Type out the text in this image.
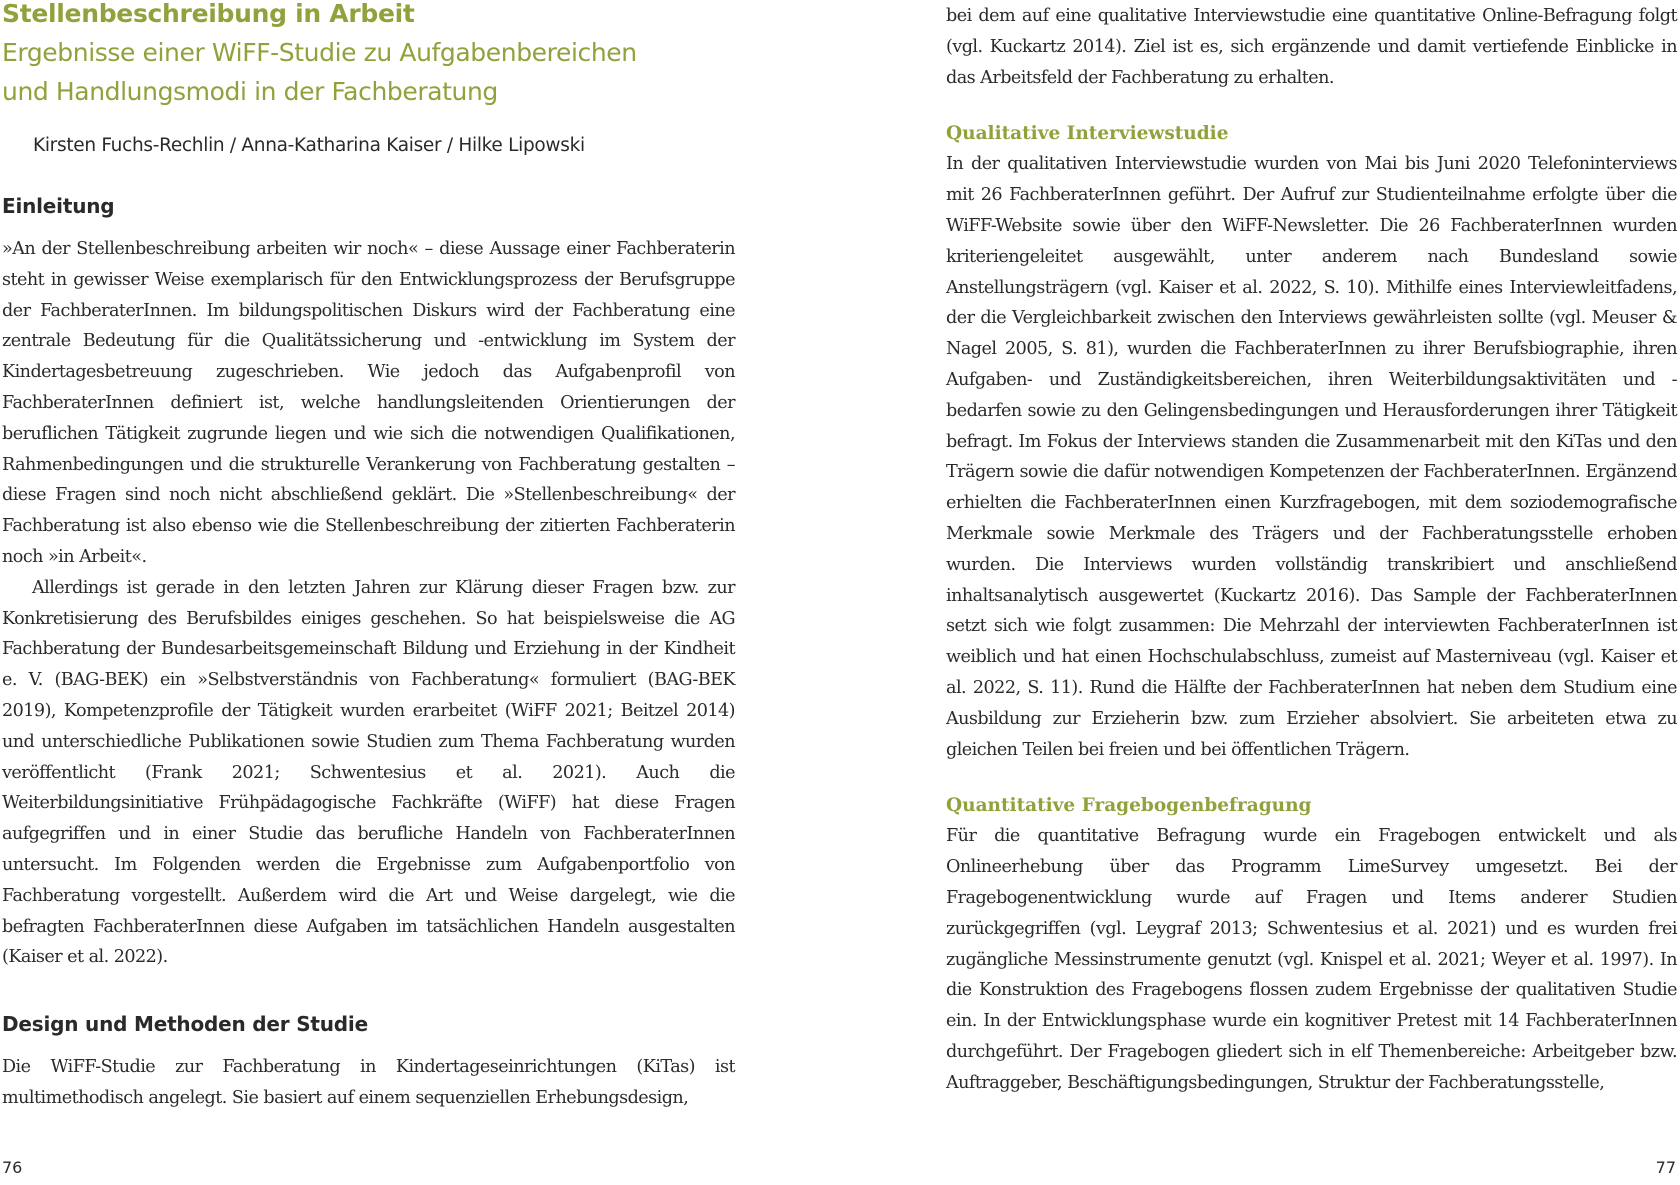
Stellenbeschreibung in Arbeit
Ergebnisse einer WiFF-Studie zu Aufgabenbereichen
und Handlungsmodi in der Fachberatung
Kirsten Fuchs-Rechlin / Anna-Katharina Kaiser / Hilke Lipowski
Einleitung

»An der Stellenbeschreibung arbeiten wir noch« – diese Aussage einer Fachberaterin steht in gewisser Weise exemplarisch für den Entwicklungsprozess der Berufsgruppe der FachberaterInnen. Im bildungspolitischen Diskurs wird der Fachberatung eine zentrale Bedeutung für die Qualitätssicherung und -entwicklung im System der Kindertagesbetreuung zugeschrieben. Wie jedoch das Aufgabenprofil von FachberaterInnen definiert ist, welche handlungsleitenden Orientierungen der beruflichen Tätigkeit zugrunde liegen und wie sich die notwendigen Qualifikationen, Rahmenbedingungen und die strukturelle Verankerung von Fachberatung gestalten – diese Fragen sind noch nicht abschließend geklärt. Die »Stellenbeschreibung« der Fachberatung ist also ebenso wie die Stellenbeschreibung der zitierten Fachberaterin noch »in Arbeit«.

Allerdings ist gerade in den letzten Jahren zur Klärung dieser Fragen bzw. zur Konkretisierung des Berufsbildes einiges geschehen. So hat beispielsweise die AG Fachberatung der Bundesarbeitsgemeinschaft Bildung und Erziehung in der Kindheit e. V. (BAG-BEK) ein »Selbstverständnis von Fachberatung« formuliert (BAG-BEK 2019), Kompetenzprofile der Tätigkeit wurden erarbeitet (WiFF 2021; Beitzel 2014) und unterschiedliche Publikationen sowie Studien zum Thema Fachberatung wurden veröffentlicht (Frank 2021; Schwentesius et al. 2021). Auch die Weiterbildungsinitiative Frühpädagogische Fachkräfte (WiFF) hat diese Fragen aufgegriffen und in einer Studie das berufliche Handeln von FachberaterInnen untersucht. Im Folgenden werden die Ergebnisse zum Aufgabenportfolio von Fachberatung vorgestellt. Außerdem wird die Art und Weise dargelegt, wie die befragten FachberaterInnen diese Aufgaben im tatsächlichen Handeln ausgestalten (Kaiser et al. 2022).

Design und Methoden der Studie

Die WiFF-Studie zur Fachberatung in Kindertageseinrichtungen (KiTas) ist multimethodisch angelegt. Sie basiert auf einem sequenziellen Erhebungsdesign,

76

bei dem auf eine qualitative Interviewstudie eine quantitative Online-Befragung folgt (vgl. Kuckartz 2014). Ziel ist es, sich ergänzende und damit vertiefende Einblicke in das Arbeitsfeld der Fachberatung zu erhalten.

Qualitative Interviewstudie

In der qualitativen Interviewstudie wurden von Mai bis Juni 2020 Telefoninterviews mit 26 FachberaterInnen geführt. Der Aufruf zur Studienteilnahme erfolgte über die WiFF-Website sowie über den WiFF-Newsletter. Die 26 FachberaterInnen wurden kriteriengeleitet ausgewählt, unter anderem nach Bundesland sowie Anstellungsträgern (vgl. Kaiser et al. 2022, S. 10). Mithilfe eines Interviewleitfadens, der die Vergleichbarkeit zwischen den Interviews gewährleisten sollte (vgl. Meuser & Nagel 2005, S. 81), wurden die FachberaterInnen zu ihrer Berufsbiographie, ihren Aufgaben- und Zuständigkeitsbereichen, ihren Weiterbildungsaktivitäten und -bedarfen sowie zu den Gelingensbedingungen und Herausforderungen ihrer Tätigkeit befragt. Im Fokus der Interviews standen die Zusammenarbeit mit den KiTas und den Trägern sowie die dafür notwendigen Kompetenzen der FachberaterInnen. Ergänzend erhielten die FachberaterInnen einen Kurzfragebogen, mit dem soziodemografische Merkmale sowie Merkmale des Trägers und der Fachberatungsstelle erhoben wurden. Die Interviews wurden vollständig transkribiert und anschließend inhaltsanalytisch ausgewertet (Kuckartz 2016). Das Sample der FachberaterInnen setzt sich wie folgt zusammen: Die Mehrzahl der interviewten FachberaterInnen ist weiblich und hat einen Hochschulabschluss, zumeist auf Masterniveau (vgl. Kaiser et al. 2022, S. 11). Rund die Hälfte der FachberaterInnen hat neben dem Studium eine Ausbildung zur Erzieherin bzw. zum Erzieher absolviert. Sie arbeiteten etwa zu gleichen Teilen bei freien und bei öffentlichen Trägern.

Quantitative Fragebogenbefragung

Für die quantitative Befragung wurde ein Fragebogen entwickelt und als Onlineerhebung über das Programm LimeSurvey umgesetzt. Bei der Fragebogenentwicklung wurde auf Fragen und Items anderer Studien zurückgegriffen (vgl. Leygraf 2013; Schwentesius et al. 2021) und es wurden frei zugängliche Messinstrumente genutzt (vgl. Knispel et al. 2021; Weyer et al. 1997). In die Konstruktion des Fragebogens flossen zudem Ergebnisse der qualitativen Studie ein. In der Entwicklungsphase wurde ein kognitiver Pretest mit 14 FachberaterInnen durchgeführt. Der Fragebogen gliedert sich in elf Themenbereiche: Arbeitgeber bzw. Auftraggeber, Beschäftigungsbedingungen, Struktur der Fachberatungsstelle,

77
